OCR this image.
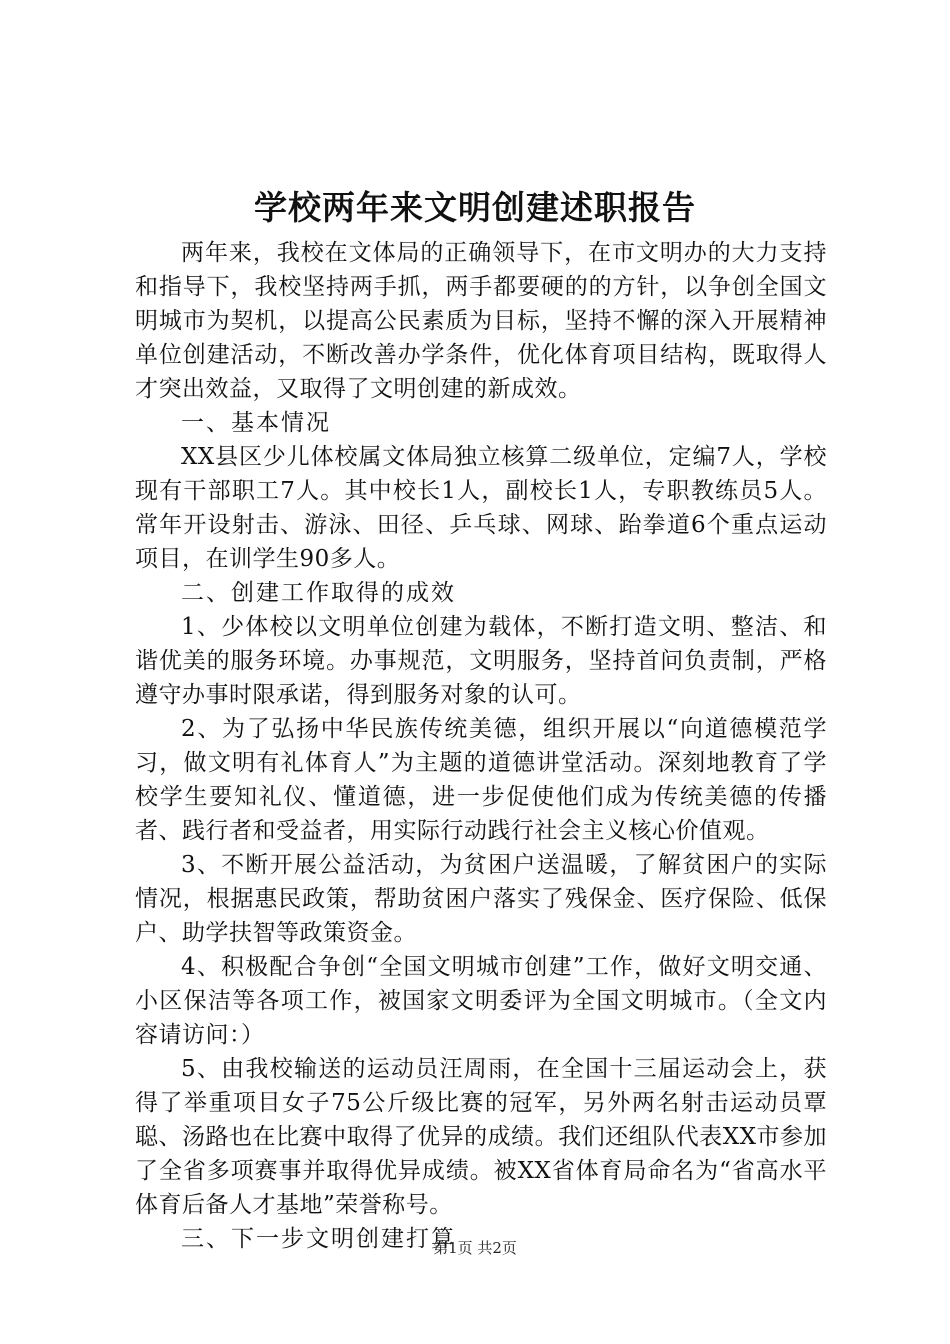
学校两年来文明创建述职报告

两年来，我校在文体局的正确领导下，在市文明办的大力支持和指导下，我校坚持两手抓，两手都要硬的的方针，以争创全国文明城市为契机，以提高公民素质为目标，坚持不懈的深入开展精神单位创建活动，不断改善办学条件，优化体育项目结构，既取得人才突出效益，又取得了文明创建的新成效。

一、基本情况

XX县区少儿体校属文体局独立核算二级单位，定编7人，学校现有干部职工7人。其中校长1人，副校长1人，专职教练员5人。常年开设射击、游泳、田径、乒乓球、网球、跆拳道6个重点运动项目，在训学生90多人。

二、创建工作取得的成效

1、少体校以文明单位创建为载体，不断打造文明、整洁、和谐优美的服务环境。办事规范，文明服务，坚持首问负责制，严格遵守办事时限承诺，得到服务对象的认可。

2、为了弘扬中华民族传统美德，组织开展以“向道德模范学习，做文明有礼体育人”为主题的道德讲堂活动。深刻地教育了学校学生要知礼仪、懂道德，进一步促使他们成为传统美德的传播者、践行者和受益者，用实际行动践行社会主义核心价值观。

3、不断开展公益活动，为贫困户送温暖，了解贫困户的实际情况，根据惠民政策，帮助贫困户落实了残保金、医疗保险、低保户、助学扶智等政策资金。

4、积极配合争创“全国文明城市创建”工作，做好文明交通、小区保洁等各项工作，被国家文明委评为全国文明城市。（全文内容请访问：）

5、由我校输送的运动员汪周雨，在全国十三届运动会上，获得了举重项目女子75公斤级比赛的冠军，另外两名射击运动员覃聪、汤路也在比赛中取得了优异的成绩。我们还组队代表XX市参加了全省多项赛事并取得优异成绩。被XX省体育局命名为“省高水平体育后备人才基地”荣誉称号。

三、下一步文明创建打算

第1页 共2页
